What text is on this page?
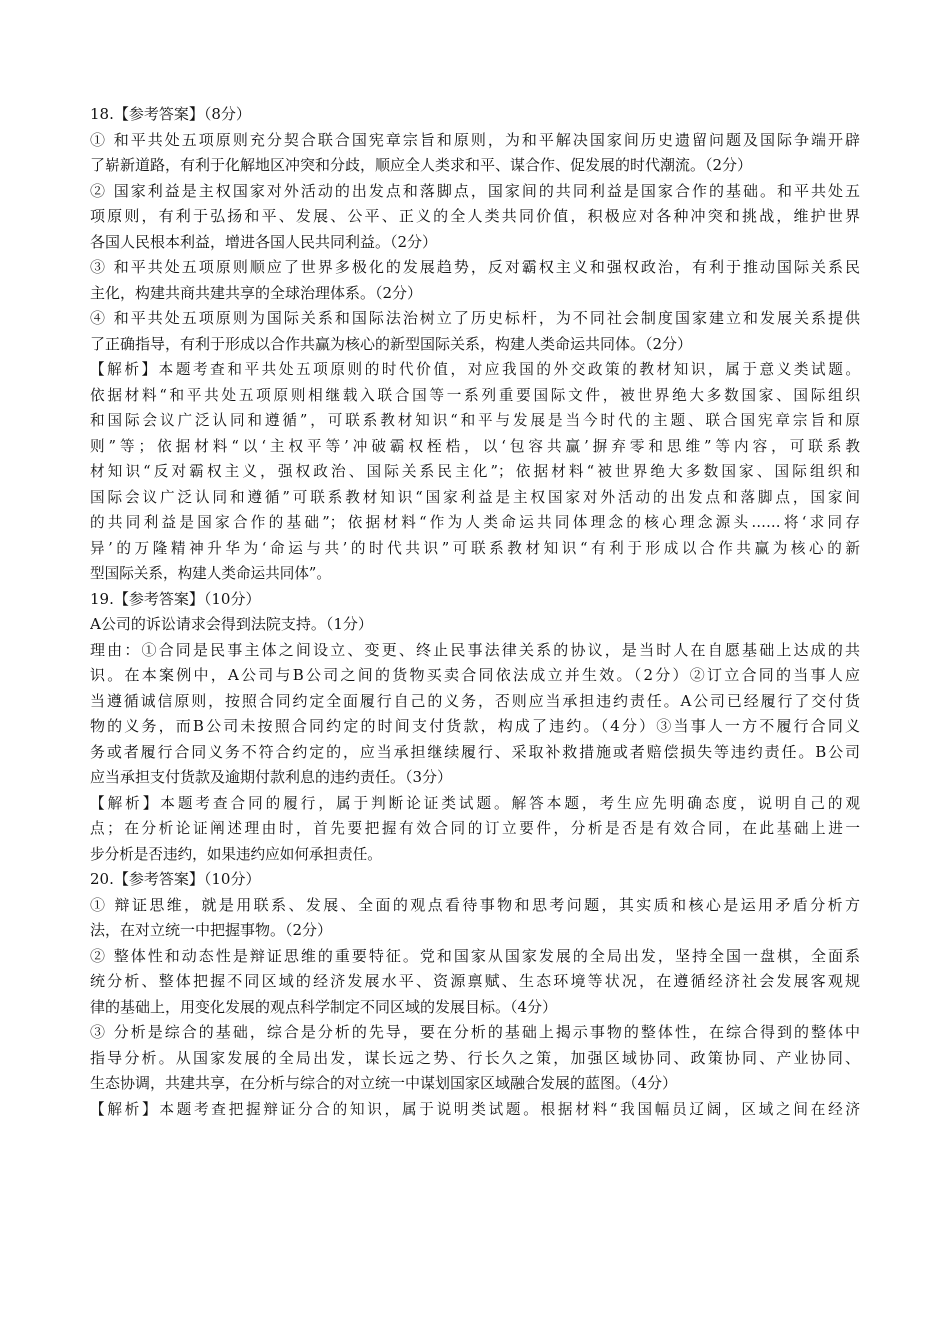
18.【参考答案】（8分）
① 和平共处五项原则充分契合联合国宪章宗旨和原则，为和平解决国家间历史遗留问题及国际争端开辟
了崭新道路，有利于化解地区冲突和分歧，顺应全人类求和平、谋合作、促发展的时代潮流。（2分）
② 国家利益是主权国家对外活动的出发点和落脚点，国家间的共同利益是国家合作的基础。和平共处五
项原则，有利于弘扬和平、发展、公平、正义的全人类共同价值，积极应对各种冲突和挑战，维护世界
各国人民根本利益，增进各国人民共同利益。（2分）
③ 和平共处五项原则顺应了世界多极化的发展趋势，反对霸权主义和强权政治，有利于推动国际关系民
主化，构建共商共建共享的全球治理体系。（2分）
④ 和平共处五项原则为国际关系和国际法治树立了历史标杆，为不同社会制度国家建立和发展关系提供
了正确指导，有利于形成以合作共赢为核心的新型国际关系，构建人类命运共同体。（2分）
【解析】本题考查和平共处五项原则的时代价值，对应我国的外交政策的教材知识，属于意义类试题。
依据材料“和平共处五项原则相继载入联合国等一系列重要国际文件，被世界绝大多数国家、国际组织
和国际会议广泛认同和遵循”，可联系教材知识“和平与发展是当今时代的主题、联合国宪章宗旨和原
则”等；依据材料“以‘主权平等’冲破霸权桎梏，以‘包容共赢’摒弃零和思维”等内容，可联系教
材知识“反对霸权主义，强权政治、国际关系民主化”；依据材料“被世界绝大多数国家、国际组织和
国际会议广泛认同和遵循”可联系教材知识“国家利益是主权国家对外活动的出发点和落脚点，国家间
的共同利益是国家合作的基础”；依据材料“作为人类命运共同体理念的核心理念源头……将‘求同存
异’的万隆精神升华为‘命运与共’的时代共识”可联系教材知识“有利于形成以合作共赢为核心的新
型国际关系，构建人类命运共同体”。
19.【参考答案】（10分）
A公司的诉讼请求会得到法院支持。（1分）
理由：①合同是民事主体之间设立、变更、终止民事法律关系的协议，是当时人在自愿基础上达成的共
识。在本案例中，A公司与B公司之间的货物买卖合同依法成立并生效。（2分）②订立合同的当事人应
当遵循诚信原则，按照合同约定全面履行自己的义务，否则应当承担违约责任。A公司已经履行了交付货
物的义务，而B公司未按照合同约定的时间支付货款，构成了违约。（4分）③当事人一方不履行合同义
务或者履行合同义务不符合约定的，应当承担继续履行、采取补救措施或者赔偿损失等违约责任。B公司
应当承担支付货款及逾期付款利息的违约责任。（3分）
【解析】本题考查合同的履行，属于判断论证类试题。解答本题，考生应先明确态度，说明自己的观
点；在分析论证阐述理由时，首先要把握有效合同的订立要件，分析是否是有效合同，在此基础上进一
步分析是否违约，如果违约应如何承担责任。
20.【参考答案】（10分）
① 辩证思维，就是用联系、发展、全面的观点看待事物和思考问题，其实质和核心是运用矛盾分析方
法，在对立统一中把握事物。（2分）
② 整体性和动态性是辩证思维的重要特征。党和国家从国家发展的全局出发，坚持全国一盘棋，全面系
统分析、整体把握不同区域的经济发展水平、资源禀赋、生态环境等状况，在遵循经济社会发展客观规
律的基础上，用变化发展的观点科学制定不同区域的发展目标。（4分）
③ 分析是综合的基础，综合是分析的先导，要在分析的基础上揭示事物的整体性，在综合得到的整体中
指导分析。从国家发展的全局出发，谋长远之势、行长久之策，加强区域协同、政策协同、产业协同、
生态协调，共建共享，在分析与综合的对立统一中谋划国家区域融合发展的蓝图。（4分）
【解析】本题考查把握辩证分合的知识，属于说明类试题。根据材料“我国幅员辽阔，区域之间在经济
